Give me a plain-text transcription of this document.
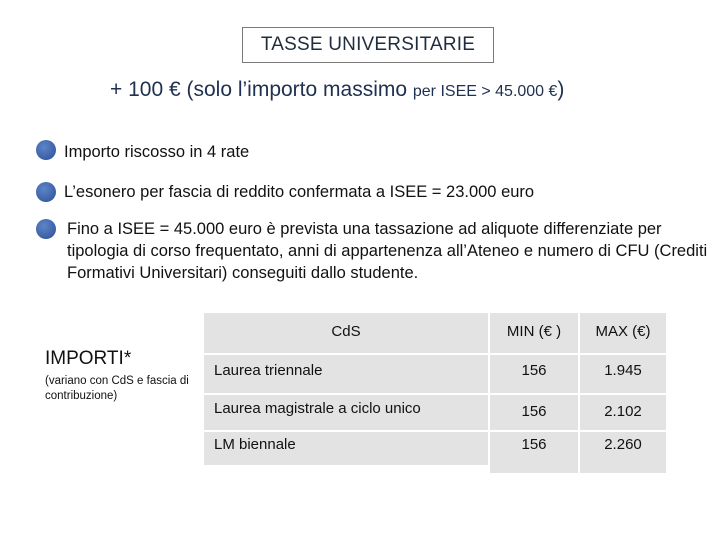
TASSE UNIVERSITARIE
+ 100 € (solo l’importo massimo per ISEE > 45.000 €)
Importo riscosso in 4 rate
L’esonero per fascia di reddito confermata a ISEE = 23.000 euro
Fino a ISEE = 45.000 euro è prevista una tassazione ad aliquote differenziate per tipologia di corso frequentato, anni di appartenenza all’Ateneo e numero di CFU (Crediti Formativi Universitari) conseguiti dallo studente.
IMPORTI*
(variano con CdS e fascia di contribuzione)
CdS	MIN (€ )	MAX (€)
Laurea triennale	156	1.945
Laurea magistrale a ciclo unico	156	2.102
LM biennale	156	2.260
